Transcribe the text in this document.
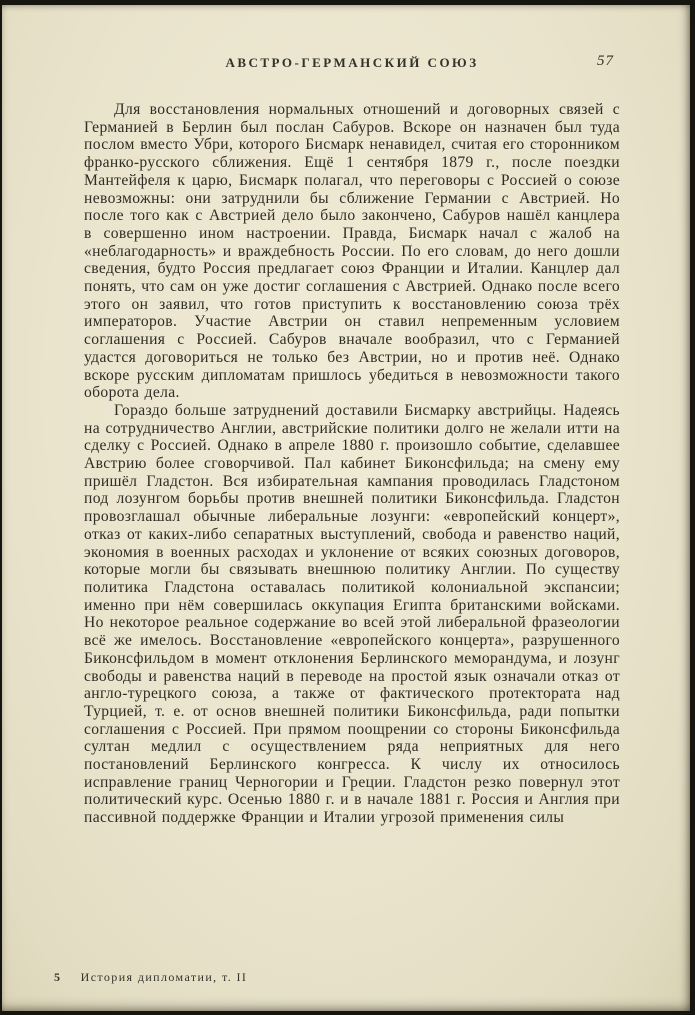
АВСТРО-ГЕРМАНСКИЙ СОЮЗ	57

Для восстановления нормальных отношений и договорных связей с Германией в Берлин был послан Сабуров. Вскоре он назначен был туда послом вместо Убри, которого Бисмарк ненавидел, считая его сторонником франко-русского сближения. Ещё 1 сентября 1879 г., после поездки Мантейфеля к царю, Бисмарк полагал, что переговоры с Россией о союзе невозможны: они затруднили бы сближение Германии с Австрией. Но после того как с Австрией дело было закончено, Сабуров нашёл канцлера в совершенно ином настроении. Правда, Бисмарк начал с жалоб на «неблагодарность» и враждебность России. По его словам, до него дошли сведения, будто Россия предлагает союз Франции и Италии. Канцлер дал понять, что сам он уже достиг соглашения с Австрией. Однако после всего этого он заявил, что готов приступить к восстановлению союза трёх императоров. Участие Австрии он ставил непременным условием соглашения с Россией. Сабуров вначале вообразил, что с Германией удастся договориться не только без Австрии, но и против неё. Однако вскоре русским дипломатам пришлось убедиться в невозможности такого оборота дела.

Гораздо больше затруднений доставили Бисмарку австрийцы. Надеясь на сотрудничество Англии, австрийские политики долго не желали итти на сделку с Россией. Однако в апреле 1880 г. произошло событие, сделавшее Австрию более сговорчивой. Пал кабинет Биконсфильда; на смену ему пришёл Гладстон. Вся избирательная кампания проводилась Гладстоном под лозунгом борьбы против внешней политики Биконсфильда. Гладстон провозглашал обычные либеральные лозунги: «европейский концерт», отказ от каких-либо сепаратных выступлений, свобода и равенство наций, экономия в военных расходах и уклонение от всяких союзных договоров, которые могли бы связывать внешнюю политику Англии. По существу политика Гладстона оставалась политикой колониальной экспансии; именно при нём совершилась оккупация Египта британскими войсками. Но некоторое реальное содержание во всей этой либеральной фразеологии всё же имелось. Восстановление «европейского концерта», разрушенного Биконсфильдом в момент отклонения Берлинского меморандума, и лозунг свободы и равенства наций в переводе на простой язык означали отказ от англо-турецкого союза, а также от фактического протектората над Турцией, т. е. от основ внешней политики Биконсфильда, ради попытки соглашения с Россией. При прямом поощрении со стороны Биконсфильда султан медлил с осуществлением ряда неприятных для него постановлений Берлинского конгресса. К числу их относилось исправление границ Черногории и Греции. Гладстон резко повернул этот политический курс. Осенью 1880 г. и в начале 1881 г. Россия и Англия при пассивной поддержке Франции и Италии угрозой применения силы

5 История дипломатии, т. II
